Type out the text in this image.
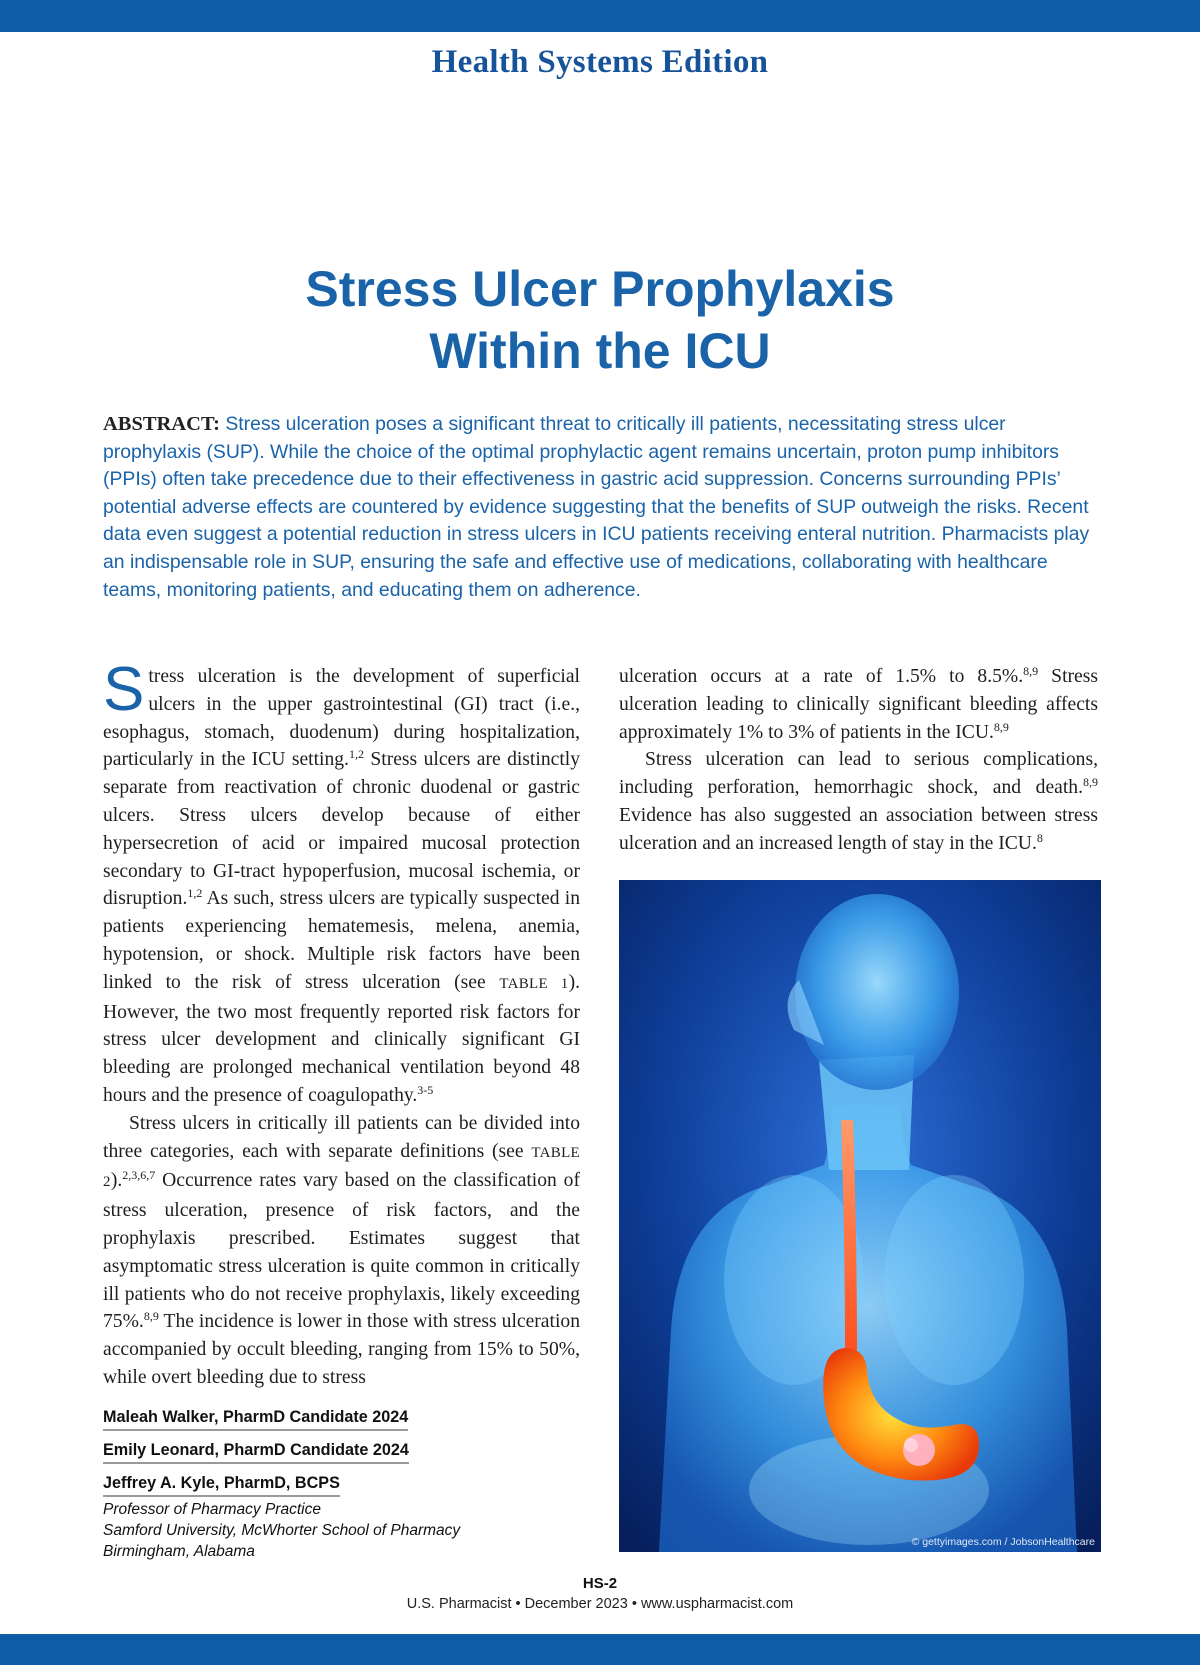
Health Systems Edition
Stress Ulcer Prophylaxis
Within the ICU
ABSTRACT: Stress ulceration poses a significant threat to critically ill patients, necessitating stress ulcer prophylaxis (SUP). While the choice of the optimal prophylactic agent remains uncertain, proton pump inhibitors (PPIs) often take precedence due to their effectiveness in gastric acid suppression. Concerns surrounding PPIs’ potential adverse effects are countered by evidence suggesting that the benefits of SUP outweigh the risks. Recent data even suggest a potential reduction in stress ulcers in ICU patients receiving enteral nutrition. Pharmacists play an indispensable role in SUP, ensuring the safe and effective use of medications, collaborating with healthcare teams, monitoring patients, and educating them on adherence.

Stress ulceration is the development of superficial ulcers in the upper gastrointestinal (GI) tract (i.e., esophagus, stomach, duodenum) during hospitalization, particularly in the ICU setting.$^{1,2}$ Stress ulcers are distinctly separate from reactivation of chronic duodenal or gastric ulcers. Stress ulcers develop because of either hypersecretion of acid or impaired mucosal protection secondary to GI-tract hypoperfusion, mucosal ischemia, or disruption.$^{1,2}$ As such, stress ulcers are typically suspected in patients experiencing hematemesis, melena, anemia, hypotension, or shock. Multiple risk factors have been linked to the risk of stress ulceration (see TABLE 1). However, the two most frequently reported risk factors for stress ulcer development and clinically significant GI bleeding are prolonged mechanical ventilation beyond 48 hours and the presence of coagulopathy.$^{3-5}$

Stress ulcers in critically ill patients can be divided into three categories, each with separate definitions (see TABLE 2).$^{2,3,6,7}$ Occurrence rates vary based on the classification of stress ulceration, presence of risk factors, and the prophylaxis prescribed. Estimates suggest that asymptomatic stress ulceration is quite common in critically ill patients who do not receive prophylaxis, likely exceeding 75%.$^{8,9}$ The incidence is lower in those with stress ulceration accompanied by occult bleeding, ranging from 15% to 50%, while overt bleeding due to stress

ulceration occurs at a rate of 1.5% to 8.5%.$^{8,9}$ Stress ulceration leading to clinically significant bleeding affects approximately 1% to 3% of patients in the ICU.$^{8,9}$

Stress ulceration can lead to serious complications, including perforation, hemorrhagic shock, and death.$^{8,9}$ Evidence has also suggested an association between stress ulceration and an increased length of stay in the ICU.$^8$

© gettyimages.com / JobsonHealthcare
Maleah Walker, PharmD Candidate 2024
Emily Leonard, PharmD Candidate 2024
Jeffrey A. Kyle, PharmD, BCPS
Professor of Pharmacy Practice
Samford University, McWhorter School of Pharmacy
Birmingham, Alabama
HS-2
U.S. Pharmacist • December 2023 • www.uspharmacist.com
